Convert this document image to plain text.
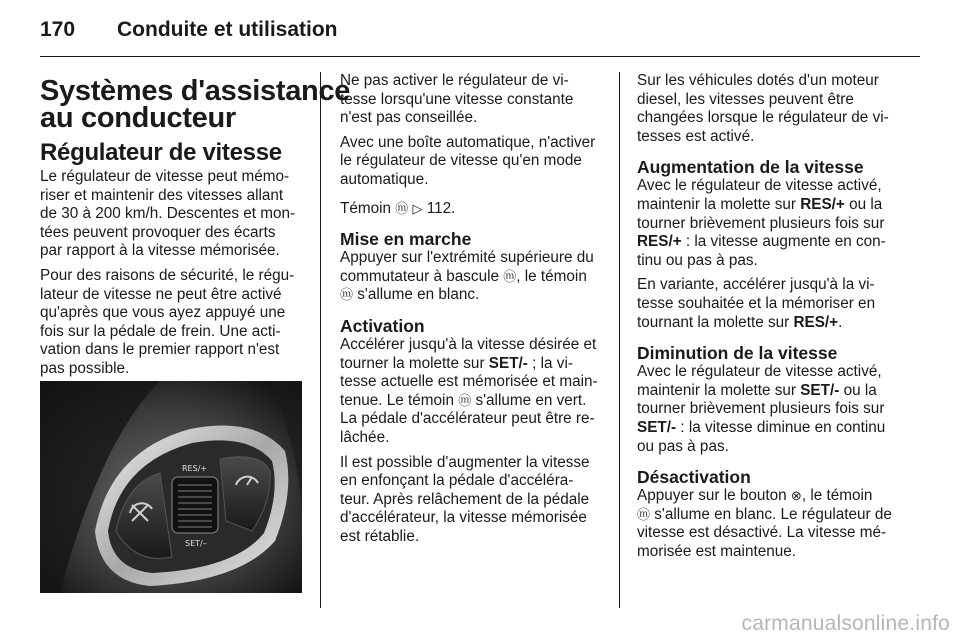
170 Conduite et utilisation
Systèmes d'assistance
au conducteur
Régulateur de vitesse

Le régulateur de vitesse peut mémo-
riser et maintenir des vitesses allant
de 30 à 200 km/h. Descentes et mon-
tées peuvent provoquer des écarts
par rapport à la vitesse mémorisée.

Pour des raisons de sécurité, le régu-
lateur de vitesse ne peut être activé
qu'après que vous ayez appuyé une
fois sur la pédale de frein. Une acti-
vation dans le premier rapport n'est
pas possible.

RES/+
SET/–

Ne pas activer le régulateur de vi-
tesse lorsqu'une vitesse constante
n'est pas conseillée.

Avec une boîte automatique, n'activer
le régulateur de vitesse qu'en mode
automatique.

Témoin ⓜ ▷ 112.

Mise en marche

Appuyer sur l'extrémité supérieure du
commutateur à bascule ⓜ, le témoin
ⓜ s'allume en blanc.

Activation

Accélérer jusqu'à la vitesse désirée et
tourner la molette sur SET/- ; la vi-
tesse actuelle est mémorisée et main-
tenue. Le témoin ⓜ s'allume en vert.
La pédale d'accélérateur peut être re-
lâchée.

Il est possible d'augmenter la vitesse
en enfonçant la pédale d'accéléra-
teur. Après relâchement de la pédale
d'accélérateur, la vitesse mémorisée
est rétablie.

Sur les véhicules dotés d'un moteur
diesel, les vitesses peuvent être
changées lorsque le régulateur de vi-
tesses est activé.

Augmentation de la vitesse

Avec le régulateur de vitesse activé,
maintenir la molette sur RES/+ ou la
tourner brièvement plusieurs fois sur
RES/+ : la vitesse augmente en con-
tinu ou pas à pas.

En variante, accélérer jusqu'à la vi-
tesse souhaitée et la mémoriser en
tournant la molette sur RES/+.

Diminution de la vitesse

Avec le régulateur de vitesse activé,
maintenir la molette sur SET/- ou la
tourner brièvement plusieurs fois sur
SET/- : la vitesse diminue en continu
ou pas à pas.

Désactivation

Appuyer sur le bouton ⊗, le témoin
ⓜ s'allume en blanc. Le régulateur de
vitesse est désactivé. La vitesse mé-
morisée est maintenue.

carmanualsonline.info
